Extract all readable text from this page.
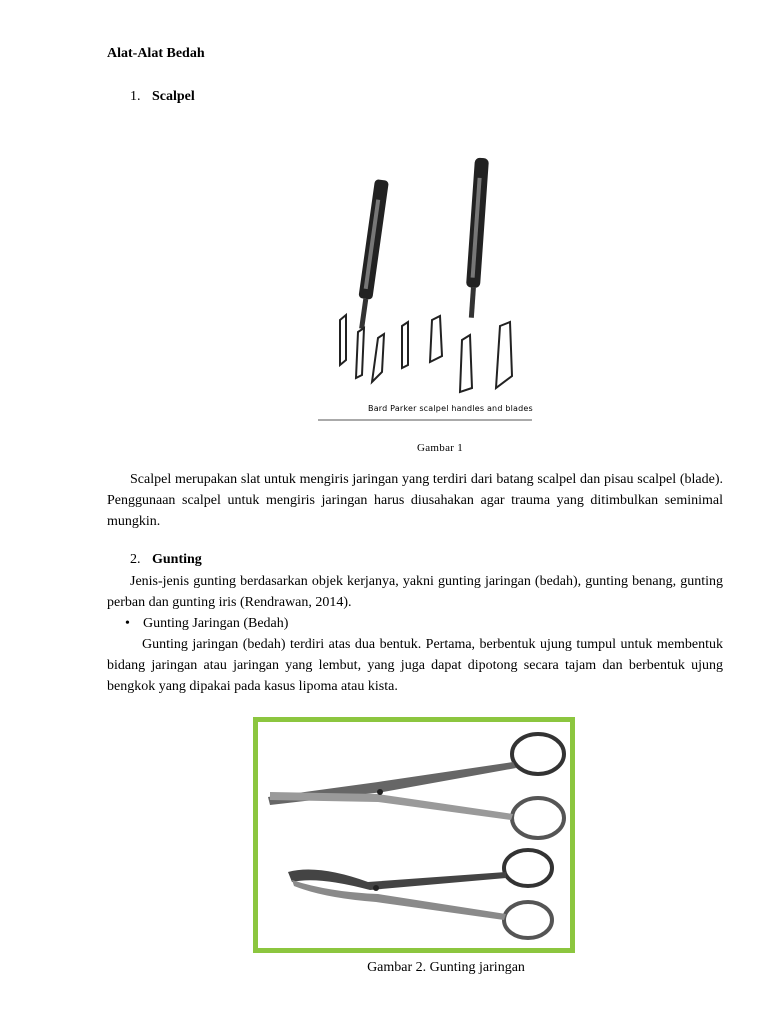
Alat-Alat Bedah
1. Scalpel
Bard Parker scalpel handles and blades
Gambar 1

Scalpel merupakan slat untuk mengiris jaringan yang terdiri dari batang scalpel dan pisau scalpel (blade). Penggunaan scalpel untuk mengiris jaringan harus diusahakan agar trauma yang ditimbulkan seminimal mungkin.

2. Gunting

Jenis-jenis gunting berdasarkan objek kerjanya, yakni gunting jaringan (bedah), gunting benang, gunting perban dan gunting iris (Rendrawan, 2014).

• Gunting Jaringan (Bedah)

Gunting jaringan (bedah) terdiri atas dua bentuk. Pertama, berbentuk ujung tumpul untuk membentuk bidang jaringan atau jaringan yang lembut, yang juga dapat dipotong secara tajam dan berbentuk ujung bengkok yang dipakai pada kasus lipoma atau kista.

Gambar 2. Gunting jaringan
